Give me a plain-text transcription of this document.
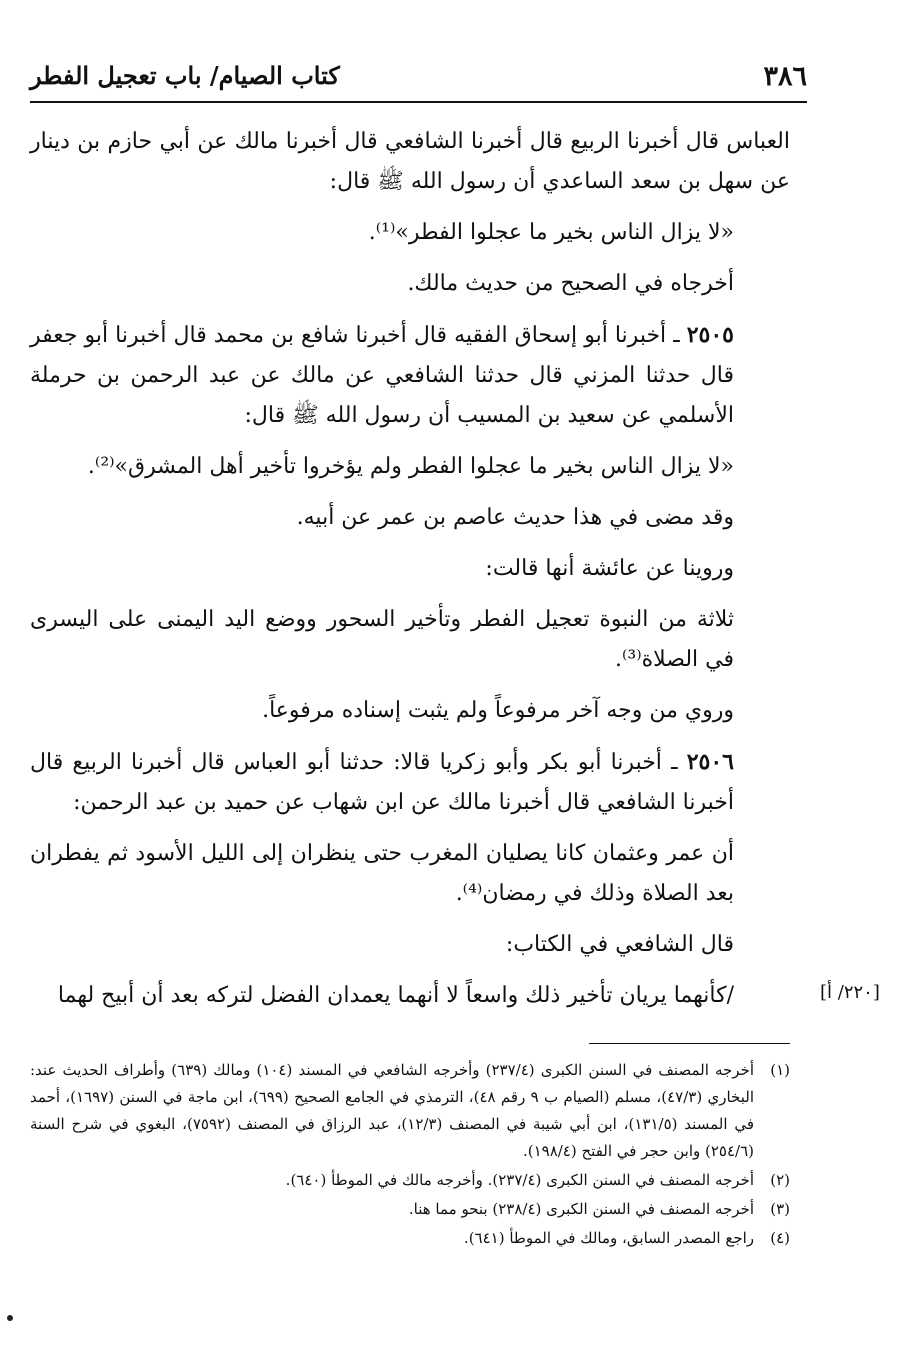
٣٨٦
كتاب الصيام/ باب تعجيل الفطر

العباس قال أخبرنا الربيع قال أخبرنا الشافعي قال أخبرنا مالك عن أبي حازم بن دينار عن سهل بن سعد الساعدي أن رسول الله ﷺ قال:

«لا يزال الناس بخير ما عجلوا الفطر»⁽¹⁾.

أخرجاه في الصحيح من حديث مالك.

٢٥٠٥ ـ أخبرنا أبو إسحاق الفقيه قال أخبرنا شافع بن محمد قال أخبرنا أبو جعفر قال حدثنا المزني قال حدثنا الشافعي عن مالك عن عبد الرحمن بن حرملة الأسلمي عن سعيد بن المسيب أن رسول الله ﷺ قال:

«لا يزال الناس بخير ما عجلوا الفطر ولم يؤخروا تأخير أهل المشرق»⁽²⁾.

وقد مضى في هذا حديث عاصم بن عمر عن أبيه.

وروينا عن عائشة أنها قالت:

ثلاثة من النبوة تعجيل الفطر وتأخير السحور ووضع اليد اليمنى على اليسرى في الصلاة⁽³⁾.

وروي من وجه آخر مرفوعاً ولم يثبت إسناده مرفوعاً.

٢٥٠٦ ـ أخبرنا أبو بكر وأبو زكريا قالا: حدثنا أبو العباس قال أخبرنا الربيع قال أخبرنا الشافعي قال أخبرنا مالك عن ابن شهاب عن حميد بن عبد الرحمن:

أن عمر وعثمان كانا يصليان المغرب حتى ينظران إلى الليل الأسود ثم يفطران بعد الصلاة وذلك في رمضان⁽⁴⁾.

قال الشافعي في الكتاب:

/كأنهما يريان تأخير ذلك واسعاً لا أنهما يعمدان الفضل لتركه بعد أن أبيح لهما	[٢٢٠/ أ]
(١)
أخرجه المصنف في السنن الكبرى (٢٣٧/٤) وأخرجه الشافعي في المسند (١٠٤) ومالك (٦٣٩) وأطراف الحديث عند: البخاري (٤٧/٣)، مسلم (الصيام ب ٩ رقم ٤٨)، الترمذي في الجامع الصحيح (٦٩٩)، ابن ماجة في السنن (١٦٩٧)، أحمد في المسند (١٣١/٥)، ابن أبي شيبة في المصنف (١٢/٣)، عبد الرزاق في المصنف (٧٥٩٢)، البغوي في شرح السنة (٢٥٤/٦) وابن حجر في الفتح (١٩٨/٤).
(٢)
أخرجه المصنف في السنن الكبرى (٢٣٧/٤). وأخرجه مالك في الموطأ (٦٤٠).
(٣)
أخرجه المصنف في السنن الكبرى (٢٣٨/٤) بنحو مما هنا.
(٤)
راجع المصدر السابق، ومالك في الموطأ (٦٤١).
